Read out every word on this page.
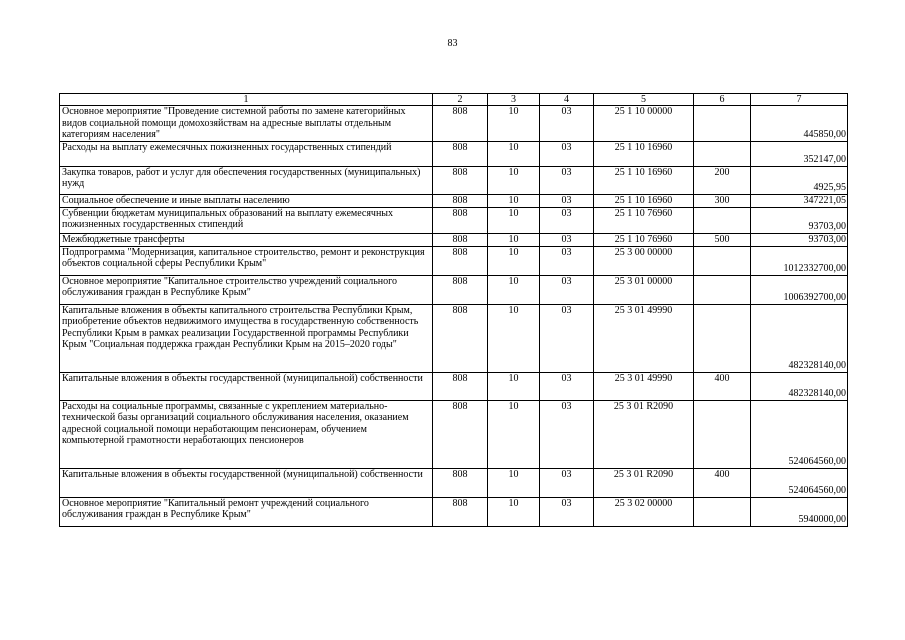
83
1	2	3	4	5	6	7
Основное мероприятие "Проведение системной работы по замене категорийных видов социальной помощи домохозяйствам на адресные выплаты отдельным категориям населения"	808	10	03	25 1 10 00000		445850,00
Расходы на выплату ежемесячных пожизненных государственных стипендий	808	10	03	25 1 10 16960		352147,00
Закупка товаров, работ и услуг для обеспечения государственных (муниципальных) нужд	808	10	03	25 1 10 16960	200	4925,95
Социальное обеспечение и иные выплаты населению	808	10	03	25 1 10 16960	300	347221,05
Субвенции бюджетам муниципальных образований на выплату ежемесячных пожизненных государственных стипендий	808	10	03	25 1 10 76960		93703,00
Межбюджетные трансферты	808	10	03	25 1 10 76960	500	93703,00
Подпрограмма "Модернизация, капитальное строительство, ремонт и реконструкция объектов социальной сферы Республики Крым"	808	10	03	25 3 00 00000		1012332700,00
Основное мероприятие "Капитальное строительство учреждений социального обслуживания граждан в Республике Крым"	808	10	03	25 3 01 00000		1006392700,00
Капитальные вложения в объекты капитального строительства Республики Крым, приобретение объектов недвижимого имущества в государственную собственность Республики Крым в рамках реализации Государственной программы Республики Крым "Социальная поддержка граждан Республики Крым на 2015–2020 годы"	808	10	03	25 3 01 49990		482328140,00
Капитальные вложения в объекты государственной (муниципальной) собственности	808	10	03	25 3 01 49990	400	482328140,00
Расходы на социальные программы, связанные с укреплением материально-технической базы организаций социального обслуживания населения, оказанием адресной социальной помощи неработающим пенсионерам, обучением компьютерной грамотности неработающих пенсионеров	808	10	03	25 3 01 R2090		524064560,00
Капитальные вложения в объекты государственной (муниципальной) собственности	808	10	03	25 3 01 R2090	400	524064560,00
Основное мероприятие "Капитальный ремонт учреждений социального обслуживания граждан в Республике Крым"	808	10	03	25 3 02 00000		5940000,00
